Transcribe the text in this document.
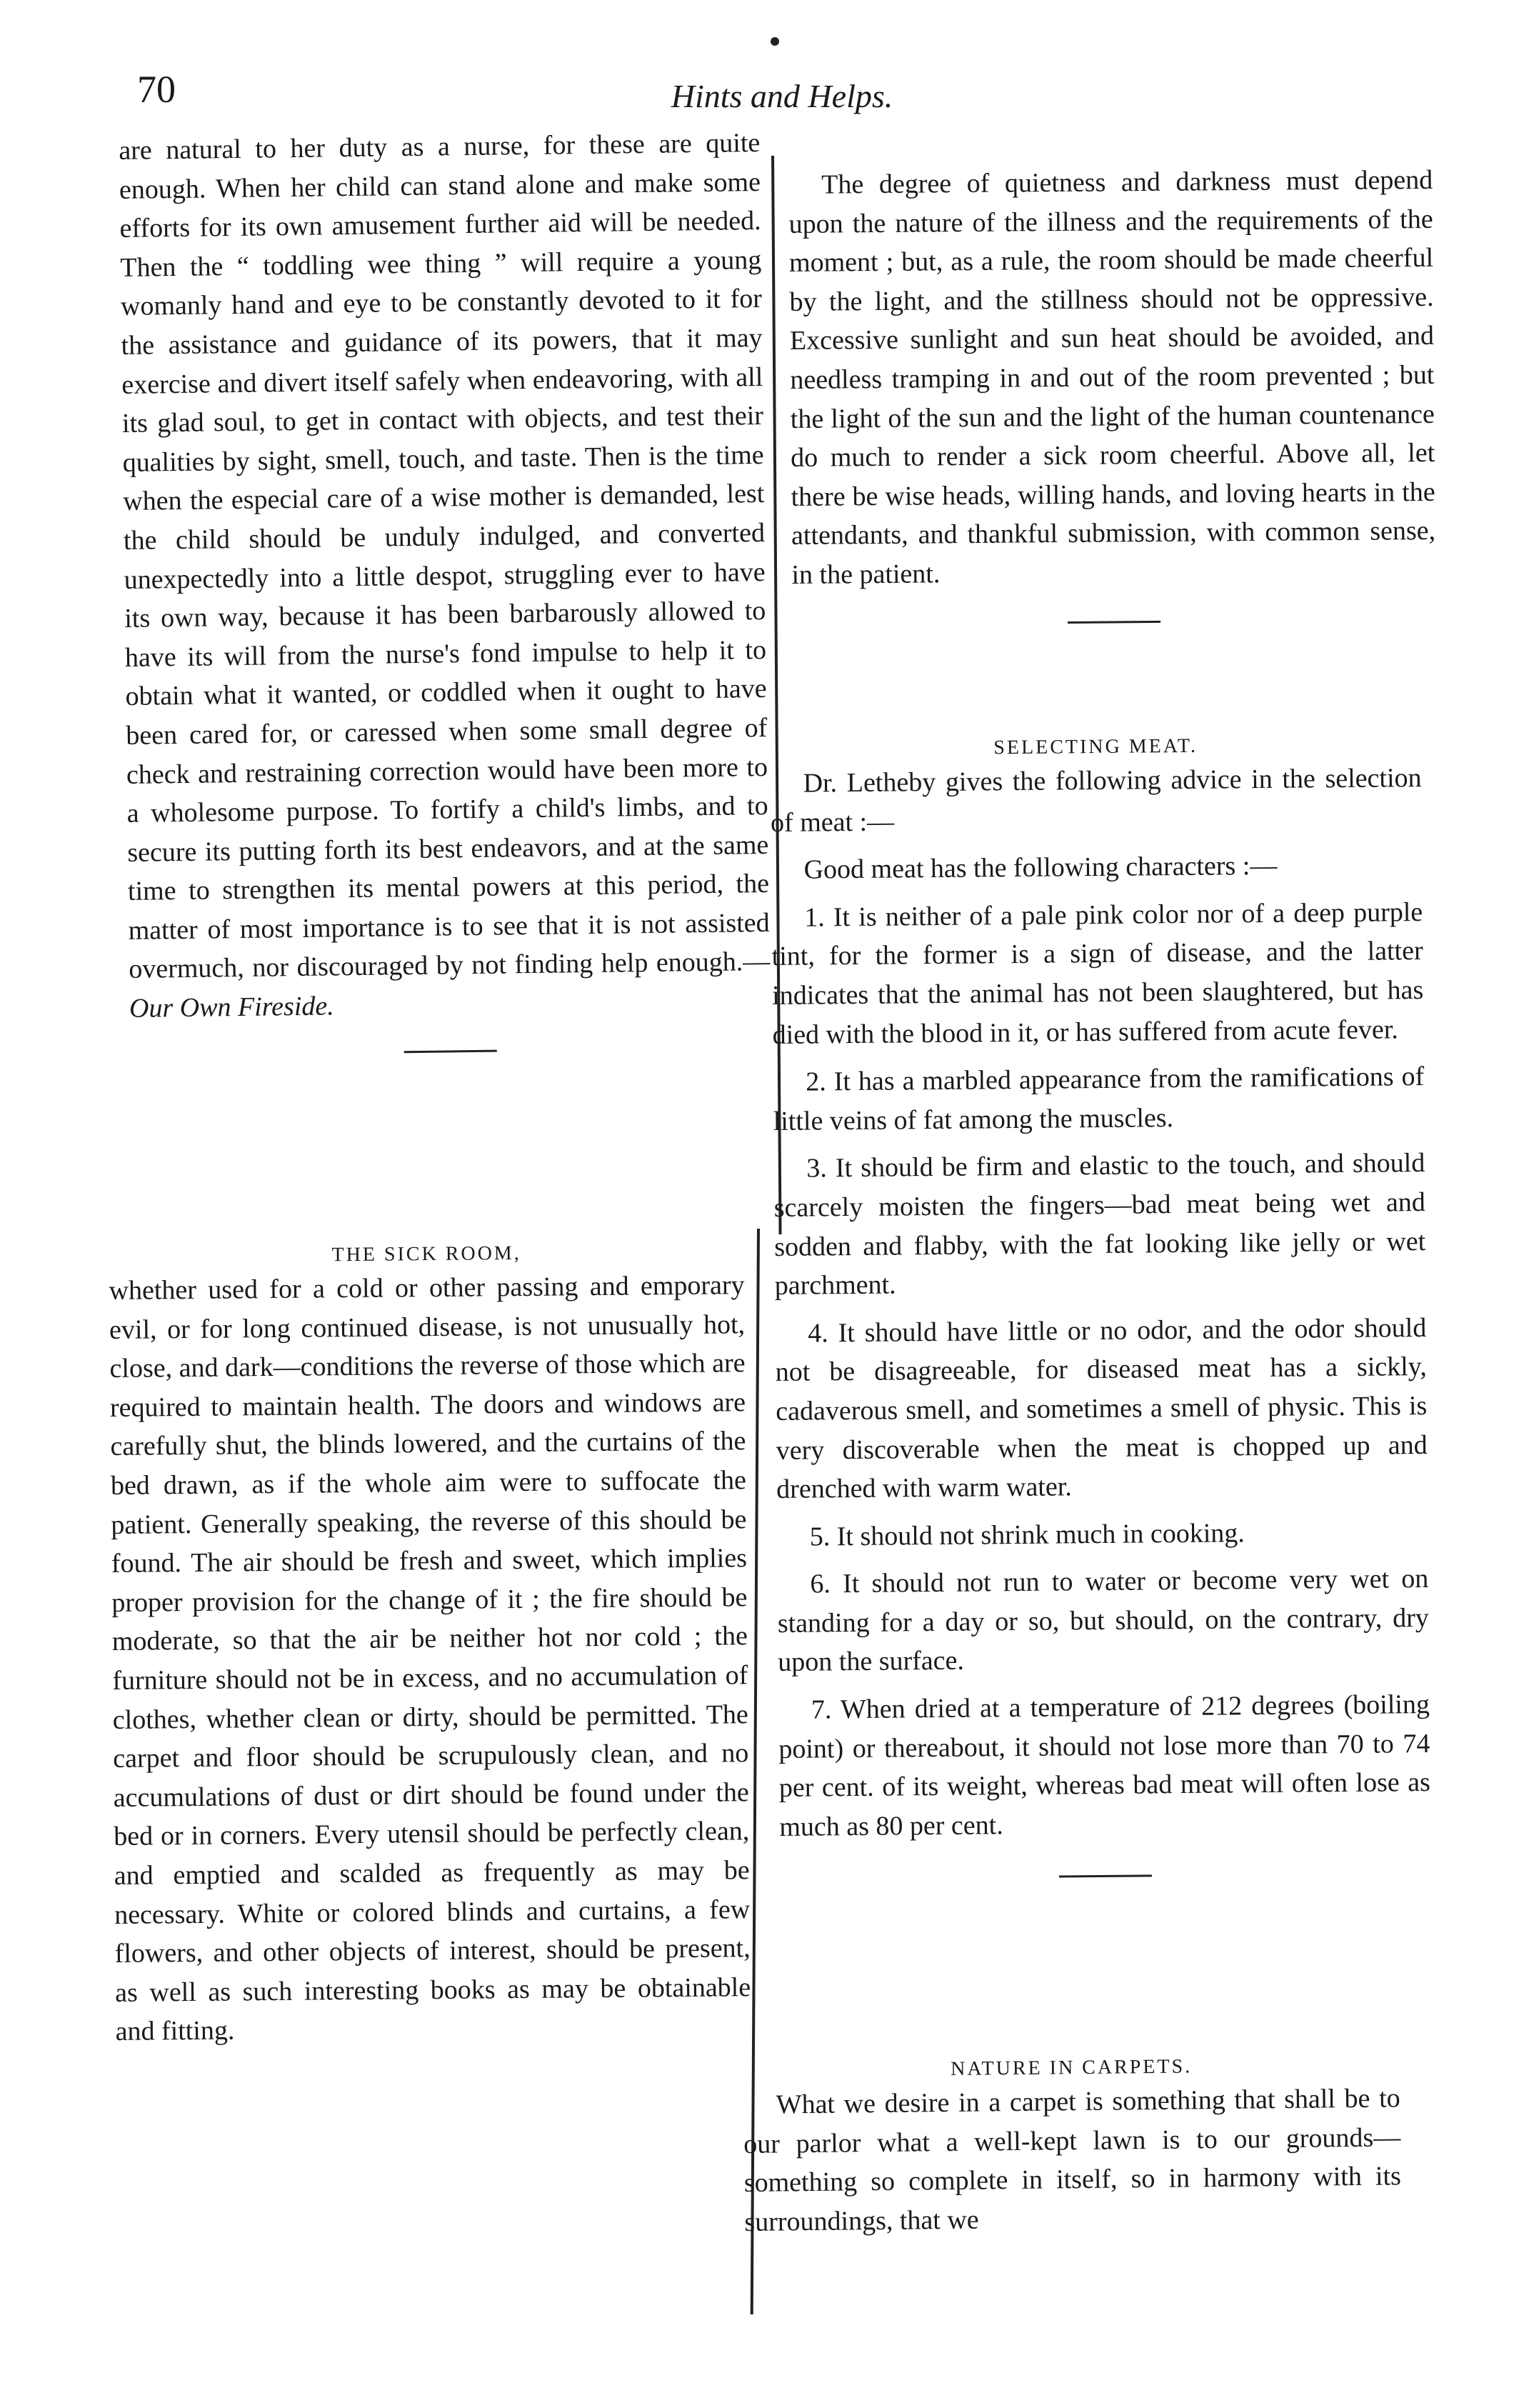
70	Hints and Helps.

are natural to her duty as a nurse, for these are quite enough. When her child can stand alone and make some efforts for its own amusement further aid will be needed. Then the “ toddling wee thing ” will require a young womanly hand and eye to be constantly devoted to it for the assistance and guidance of its powers, that it may exercise and divert itself safely when endeavoring, with all its glad soul, to get in contact with objects, and test their qualities by sight, smell, touch, and taste. Then is the time when the especial care of a wise mother is demanded, lest the child should be unduly indulged, and converted unexpectedly into a little despot, struggling ever to have its own way, because it has been barbarously allowed to have its will from the nurse's fond impulse to help it to obtain what it wanted, or coddled when it ought to have been cared for, or caressed when some small degree of check and restraining correction would have been more to a wholesome purpose. To fortify a child's limbs, and to secure its putting forth its best endeavors, and at the same time to strengthen its mental powers at this period, the matter of most importance is to see that it is not assisted overmuch, nor discouraged by not finding help enough.—Our Own Fireside.

THE SICK ROOM,

whether used for a cold or other passing and emporary evil, or for long continued disease, is not unusually hot, close, and dark—conditions the reverse of those which are required to maintain health. The doors and windows are carefully shut, the blinds lowered, and the curtains of the bed drawn, as if the whole aim were to suffocate the patient. Generally speaking, the reverse of this should be found. The air should be fresh and sweet, which implies proper provision for the change of it ; the fire should be moderate, so that the air be neither hot nor cold ; the furniture should not be in excess, and no accumulation of clothes, whether clean or dirty, should be permitted. The carpet and floor should be scrupulously clean, and no accumulations of dust or dirt should be found under the bed or in corners. Every utensil should be perfectly clean, and emptied and scalded as frequently as may be necessary. White or colored blinds and curtains, a few flowers, and other objects of interest, should be present, as well as such interesting books as may be obtainable and fitting.

The degree of quietness and darkness must depend upon the nature of the illness and the requirements of the moment ; but, as a rule, the room should be made cheerful by the light, and the stillness should not be oppressive. Excessive sunlight and sun heat should be avoided, and needless tramping in and out of the room prevented ; but the light of the sun and the light of the human countenance do much to render a sick room cheerful. Above all, let there be wise heads, willing hands, and loving hearts in the attendants, and thankful submission, with common sense, in the patient.

SELECTING MEAT.

Dr. Letheby gives the following advice in the selection of meat :—

Good meat has the following characters :—

1. It is neither of a pale pink color nor of a deep purple tint, for the former is a sign of disease, and the latter indicates that the animal has not been slaughtered, but has died with the blood in it, or has suffered from acute fever.

2. It has a marbled appearance from the ramifications of little veins of fat among the muscles.

3. It should be firm and elastic to the touch, and should scarcely moisten the fingers—bad meat being wet and sodden and flabby, with the fat looking like jelly or wet parchment.

4. It should have little or no odor, and the odor should not be disagreeable, for diseased meat has a sickly, cadaverous smell, and sometimes a smell of physic. This is very discoverable when the meat is chopped up and drenched with warm water.

5. It should not shrink much in cooking.

6. It should not run to water or become very wet on standing for a day or so, but should, on the contrary, dry upon the surface.

7. When dried at a temperature of 212 degrees (boiling point) or thereabout, it should not lose more than 70 to 74 per cent. of its weight, whereas bad meat will often lose as much as 80 per cent.

NATURE IN CARPETS.

What we desire in a carpet is something that shall be to our parlor what a well-kept lawn is to our grounds—something so complete in itself, so in harmony with its surroundings, that we
